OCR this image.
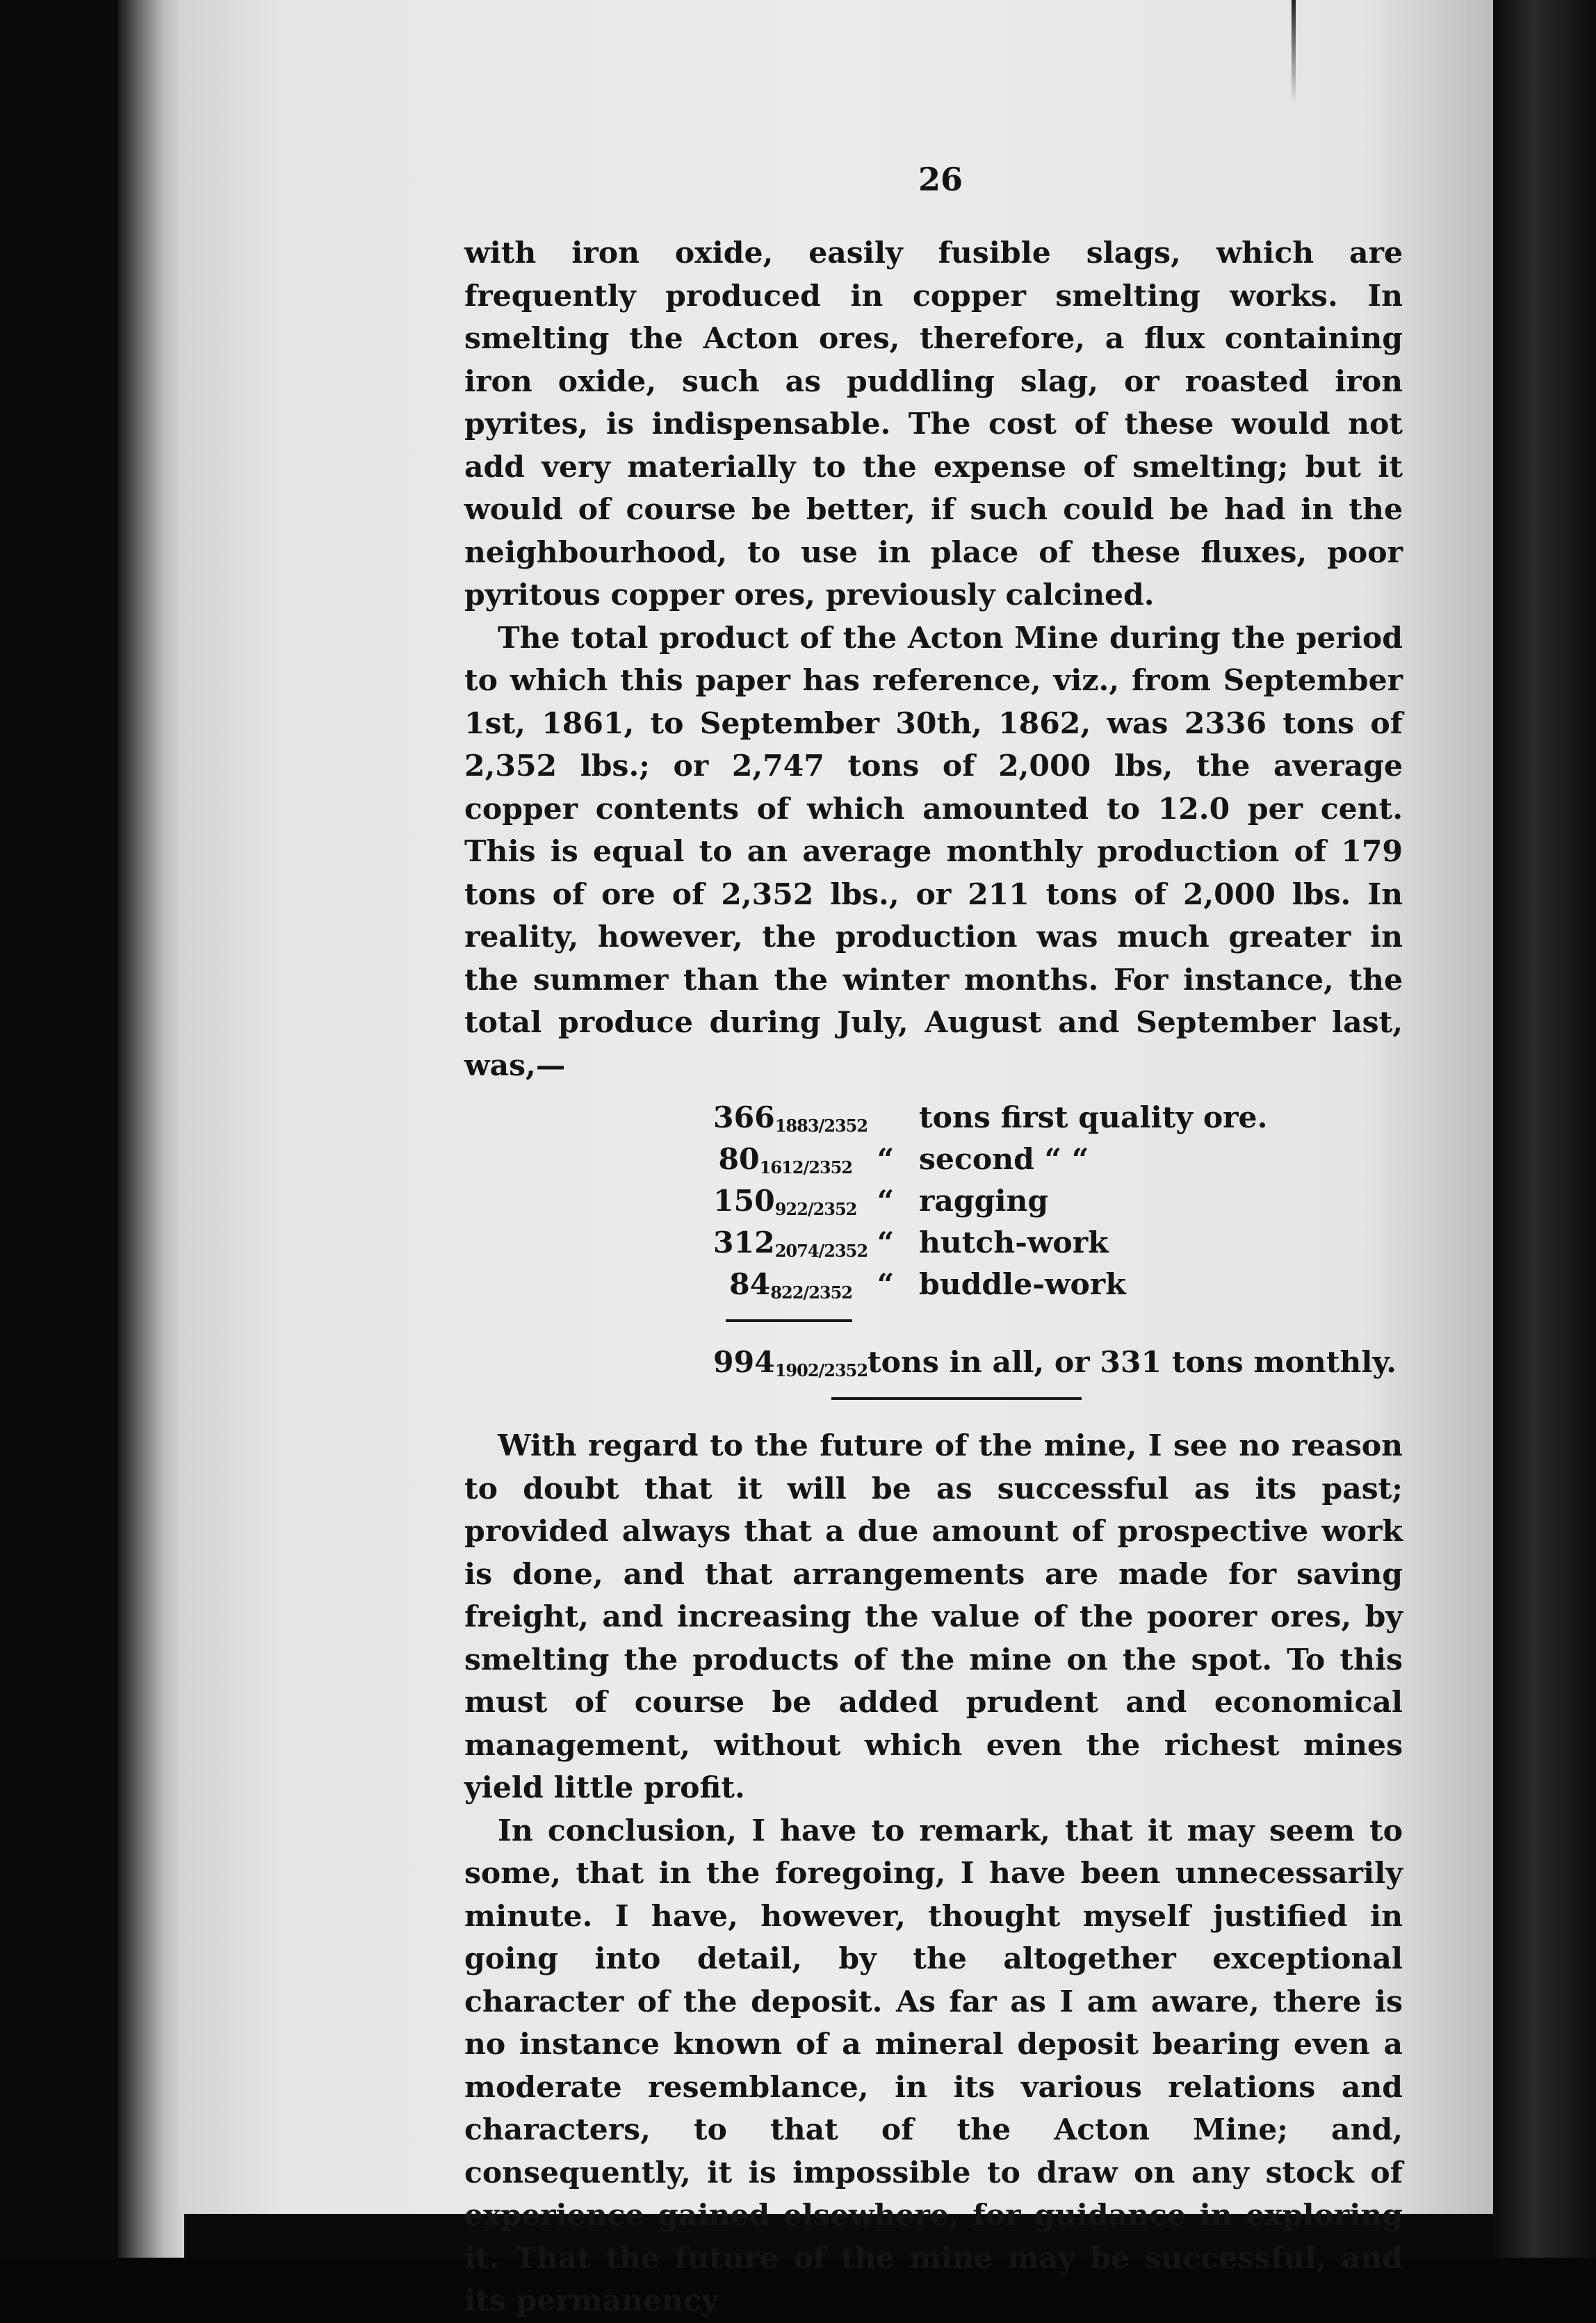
26

with iron oxide, easily fusible slags, which are frequently produced in copper smelting works. In smelting the Acton ores, therefore, a flux containing iron oxide, such as puddling slag, or roasted iron pyrites, is indispensable. The cost of these would not add very materially to the expense of smelting; but it would of course be better, if such could be had in the neighbourhood, to use in place of these fluxes, poor pyritous copper ores, previously calcined.

The total product of the Acton Mine during the period to which this paper has reference, viz., from September 1st, 1861, to September 30th, 1862, was 2336 tons of 2,352 lbs.; or 2,747 tons of 2,000 lbs, the average copper contents of which amounted to 12.0 per cent. This is equal to an average monthly production of 179 tons of ore of 2,352 lbs., or 211 tons of 2,000 lbs. In reality, however, the production was much greater in the summer than the winter months. For instance, the total produce during July, August and September last, was,—

3661883/2352 tons first quality ore.
801612/2352 “ second “ “
150922/2352 “ ragging
3122074/2352 “ hutch-work
84822/2352 “ buddle-work
9941902/2352 tons in all, or 331 tons monthly.

With regard to the future of the mine, I see no reason to doubt that it will be as successful as its past; provided always that a due amount of prospective work is done, and that arrangements are made for saving freight, and increasing the value of the poorer ores, by smelting the products of the mine on the spot. To this must of course be added prudent and economical management, without which even the richest mines yield little profit.

In conclusion, I have to remark, that it may seem to some, that in the foregoing, I have been unnecessarily minute. I have, however, thought myself justified in going into detail, by the altogether exceptional character of the deposit. As far as I am aware, there is no instance known of a mineral deposit bearing even a moderate resemblance, in its various relations and characters, to that of the Acton Mine; and, consequently, it is impossible to draw on any stock of experience gained elsewhere, for guidance in exploring it. That the future of the mine may be successful, and its permanency
